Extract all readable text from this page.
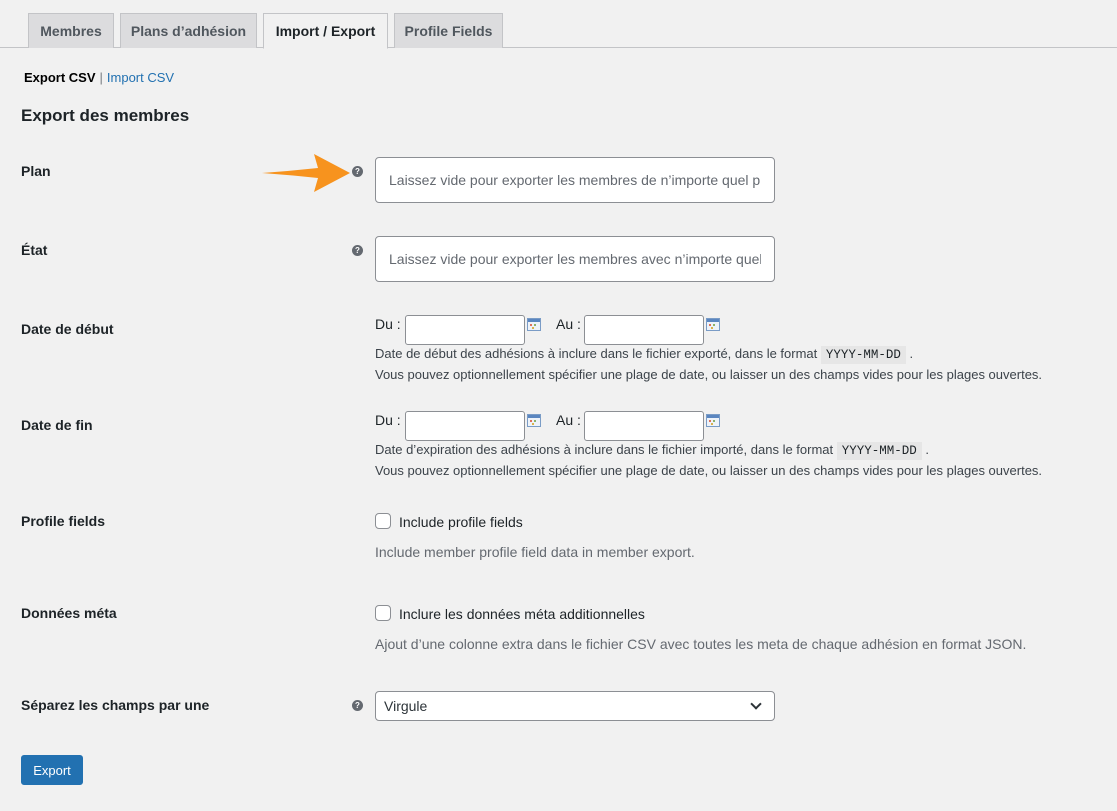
Membres	Plans d’adhésion	Import / Export	Profile Fields
Export CSV | Import CSV
Export des membres
Plan	?
Laissez vide pour exporter les membres de n’importe quel plan
État	?
Laissez vide pour exporter les membres avec n’importe quel état
Date de début	Du :	Au :
Date de début des adhésions à inclure dans le fichier exporté, dans le format YYYY-MM-DD .
Vous pouvez optionnellement spécifier une plage de date, ou laisser un des champs vides pour les plages ouvertes.
Date de fin	Du :	Au :
Date d’expiration des adhésions à inclure dans le fichier importé, dans le format YYYY-MM-DD .
Vous pouvez optionnellement spécifier une plage de date, ou laisser un des champs vides pour les plages ouvertes.
Profile fields	Include profile fields
Include member profile field data in member export.
Données méta	Inclure les données méta additionnelles
Ajout d’une colonne extra dans le fichier CSV avec toutes les meta de chaque adhésion en format JSON.
Séparez les champs par une	? Virgule
Export
